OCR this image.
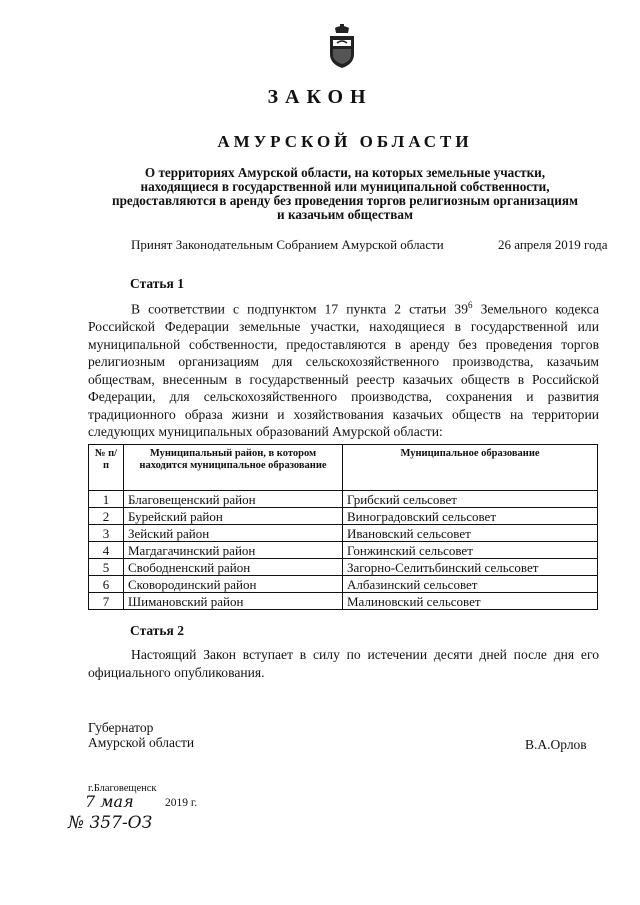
ЗАКОН
АМУРСКОЙ ОБЛАСТИ
О территориях Амурской области, на которых земельные участки,
находящиеся в государственной или муниципальной собственности,
предоставляются в аренду без проведения торгов религиозным организациям
и казачьим обществам
Принят Законодательным Собранием Амурской области	26 апреля 2019 года
Статья 1
В соответствии с подпунктом 17 пункта 2 статьи $39^6$ Земельного кодекса Российской Федерации земельные участки, находящиеся в государственной или муниципальной собственности, предоставляются в аренду без проведения торгов религиозным организациям для сельскохозяйственного производства, казачьим обществам, внесенным в государственный реестр казачьих обществ в Российской Федерации, для сельскохозяйственного производства, сохранения и развития традиционного образа жизни и хозяйствования казачьих обществ на территории следующих муниципальных образований Амурской области:
№ п/п	Муниципальный район, в котором находится муниципальное образование	Муниципальное образование
1	Благовещенский район	Грибский сельсовет
2	Бурейский район	Виноградовский сельсовет
3	Зейский район	Ивановский сельсовет
4	Магдагачинский район	Гонжинский сельсовет
5	Свободненский район	Загорно-Селитьбинский сельсовет
6	Сковородинский район	Албазинский сельсовет
7	Шимановский район	Малиновский сельсовет
Статья 2
Настоящий Закон вступает в силу по истечении десяти дней после дня его официального опубликования.
Губернатор
Амурской области	В.А.Орлов
г.Благовещенск
7 мая	2019 г.
№ 357-ОЗ
